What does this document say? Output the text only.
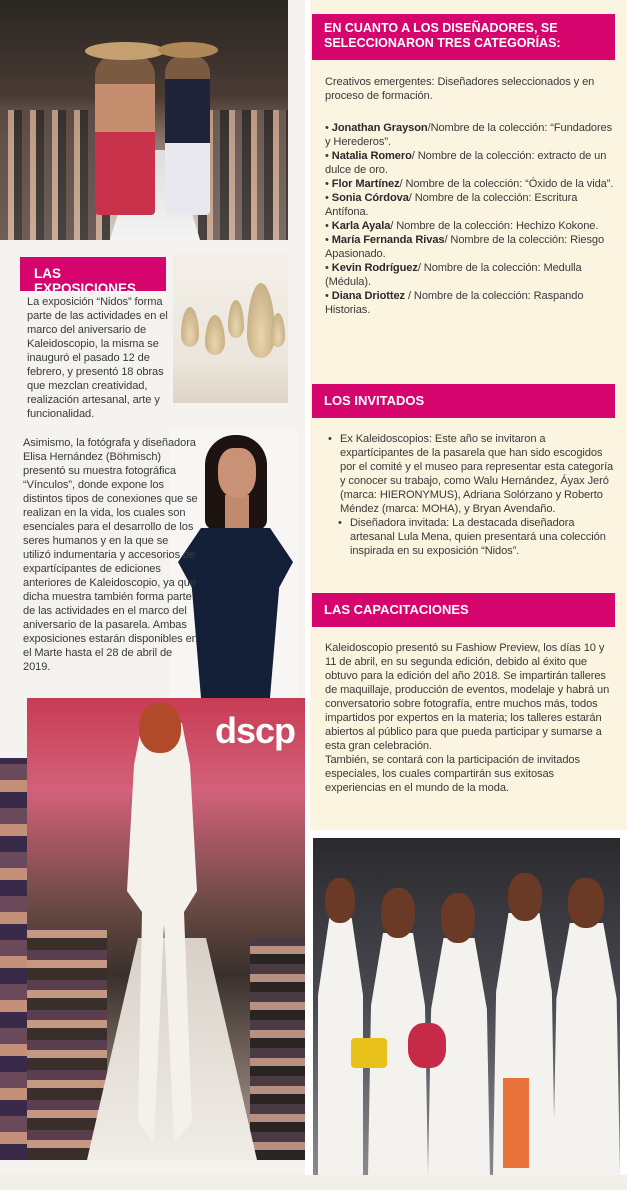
dscp
LAS EXPOSICIONES
La exposición “Nidos” forma parte de las actividades en el marco del aniversario de Kaleidoscopio, la misma se inauguró el pasado 12 de febrero, y presentó 18 obras que mezclan creatividad, realización artesanal, arte y funcionalidad.
Asimismo, la fotógrafa y diseñadora Elisa Hernández (Böhmisch) presentó su muestra fotográfica “Vínculos”, donde expone los distintos tipos de conexiones que se realizan en la vida, los cuales son esenciales para el desarrollo de los seres humanos y en la que se utilizó indumentaria y accesorios de expartícipantes de ediciones anteriores de Kaleidoscopio, ya que dicha muestra también forma parte de las actividades en el marco del aniversario de la pasarela. Ambas exposiciones estarán disponibles en el Marte hasta el 28 de abril de 2019.
EN CUANTO A LOS DISEÑADORES, SE SELECCIONARON TRES CATEGORÍAS:
Creativos emergentes: Diseñadores seleccionados y en proceso de formación.
• Jonathan Grayson/Nombre de la colección: “Fundadores y Herederos”.
• Natalia Romero/ Nombre de la colección: extracto de un dulce de oro.
• Flor Martínez/ Nombre de la colección: “Óxido de la vida”.
• Sonia Córdova/ Nombre de la colección: Escritura Antífona.
• Karla Ayala/ Nombre de la colección: Hechizo Kokone.
• María Fernanda Rivas/ Nombre de la colección: Riesgo Apasionado.
• Kevin Rodríguez/ Nombre de la colección: Medulla (Médula).
• Diana Driottez / Nombre de la colección: Raspando Historias.
LOS INVITADOS
• Ex Kaleidoscopios: Este año se invitaron a expartícipantes de la pasarela que han sido escogidos por el comité y el museo para representar esta categoría y conocer su trabajo, como Walu Hernández, Áyax Jeró (marca: HIERONYMUS), Adriana Solórzano y Roberto Méndez (marca: MOHA), y Bryan Avendaño.
• Diseñadora invitada: La destacada diseñadora artesanal Lula Mena, quien presentará una colección inspirada en su exposición “Nidos”.
LAS CAPACITACIONES
Kaleidoscopio presentó su Fashiow Preview, los días 10 y 11 de abril, en su segunda edición, debido al éxito que obtuvo para la edición del año 2018. Se impartirán talleres de maquillaje, producción de eventos, modelaje y habrá un conversatorio sobre fotografía, entre muchos más, todos impartidos por expertos en la materia; los talleres estarán abiertos al público para que pueda participar y sumarse a esta gran celebración.
También, se contará con la participación de invitados especiales, los cuales compartirán sus exitosas experiencias en el mundo de la moda.
